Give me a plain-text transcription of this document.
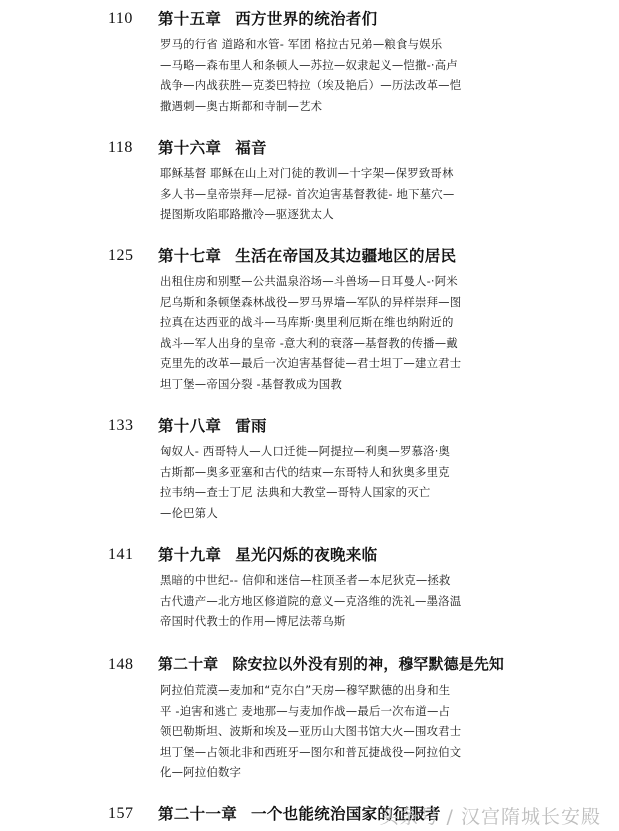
110 第十五章 西方世界的统治者们
罗马的行省 道路和水管- 军团 格拉古兄弟—粮食与娱乐
—马略—森布里人和条顿人—苏拉—奴隶起义—恺撒-·高卢
战争—内战获胜—克娄巴特拉（埃及艳后）—历法改革—恺
撒遇刺—奥古斯都和寺制—艺术
118 第十六章 福音
耶稣基督 耶稣在山上对门徒的教训—十字架—保罗致哥林
多人书—皇帝崇拜—尼禄- 首次迫害基督教徒- 地下墓穴—
提图斯攻陷耶路撒冷—驱逐犹太人
125 第十七章 生活在帝国及其边疆地区的居民
出租住房和别墅—公共温泉浴场—斗兽场—日耳曼人-·阿米
尼乌斯和条顿堡森林战役—罗马界墙—军队的异样崇拜—图
拉真在达西亚的战斗—马库斯·奥里利厄斯在维也纳附近的
战斗—军人出身的皇帝 -意大利的衰落—基督教的传播—戴
克里先的改革—最后一次迫害基督徒—君士坦丁—建立君士
坦丁堡—帝国分裂 -基督教成为国教
133 第十八章 雷雨
匈奴人- 西哥特人—人口迁徙—阿提拉—利奥—罗慕洛·奥
古斯都—奥多亚塞和古代的结束—东哥特人和狄奥多里克
拉韦纳—查士丁尼 法典和大教堂—哥特人国家的灭亡
—伦巴第人
141 第十九章 星光闪烁的夜晚来临
黑暗的中世纪-- 信仰和迷信—柱顶圣者—本尼狄克—拯救
古代遗产—北方地区修道院的意义—克洛维的洗礼—墨洛温
帝国时代教士的作用—博尼法蒂乌斯
148 第二十章 除安拉以外没有别的神，穆罕默德是先知
阿拉伯荒漠—麦加和“克尔白”天房—穆罕默德的出身和生
平 -迫害和逃亡 麦地那—与麦加作战—最后一次布道—占
领巴勒斯坦、波斯和埃及—亚历山大图书馆大火—围攻君士
坦丁堡—占领北非和西班牙—图尔和普瓦捷战役—阿拉伯文
化—阿拉伯数字
157 第二十一章 一个也能统治国家的征服者
头条号 / 汉宫隋城长安殿
